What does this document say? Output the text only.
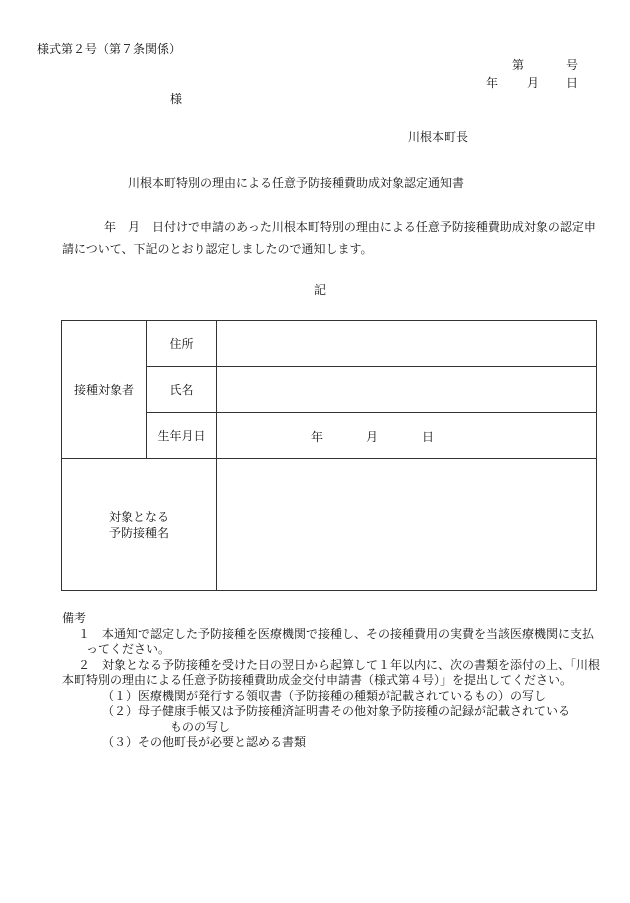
様式第２号（第７条関係）
第	号
年 月 日
様
川根本町長
川根本町特別の理由による任意予防接種費助成対象認定通知書
年　月　日付けで申請のあった川根本町特別の理由による任意予防接種費助成対象の認定申請について、下記のとおり認定しましたので通知します。
記
接種対象者	住所	
	氏名	
	生年月日	年 月 日

対象となる
予防接種名		

備考
１　本通知で認定した予防接種を医療機関で接種し、その接種費用の実費を当該医療機関に支払ってください。
２　対象となる予防接種を受けた日の翌日から起算して１年以内に、次の書類を添付の上、「川根本町特別の理由による任意予防接種費助成金交付申請書（様式第４号）」を提出してください。
（１）医療機関が発行する領収書（予防接種の種類が記載されているもの）の写し
（２）母子健康手帳又は予防接種済証明書その他対象予防接種の記録が記載されている
ものの写し
（３）その他町長が必要と認める書類
